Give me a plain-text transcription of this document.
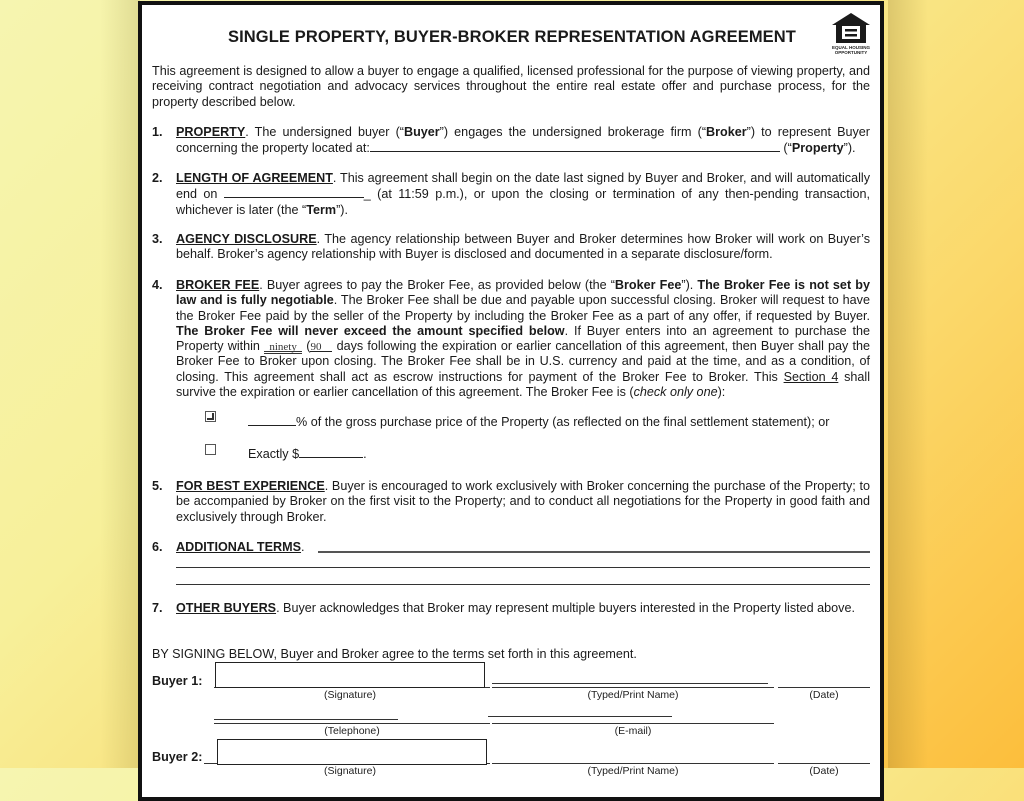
SINGLE PROPERTY, BUYER-BROKER REPRESENTATION AGREEMENT
EQUAL HOUSING
OPPORTUNITY
This agreement is designed to allow a buyer to engage a qualified, licensed professional for the purpose of viewing property, and receiving contract negotiation and advocacy services throughout the entire real estate offer and purchase process, for the property described below.
1. PROPERTY. The undersigned buyer (“Buyer”) engages the undersigned brokerage firm (“Broker”) to represent Buyer concerning the property located at:	(“Property”).
2. LENGTH OF AGREEMENT. This agreement shall begin on the date last signed by Buyer and Broker, and will automatically end on	_ (at 11:59 p.m.), or upon the closing or termination of any then-pending transaction, whichever is later (the “Term”).
3. AGENCY DISCLOSURE. The agency relationship between Buyer and Broker determines how Broker will work on Buyer’s behalf. Broker’s agency relationship with Buyer is disclosed and documented in a separate disclosure/form.
4. BROKER FEE. Buyer agrees to pay the Broker Fee, as provided below (the “Broker Fee”). The Broker Fee is not set by law and is fully negotiable. The Broker Fee shall be due and payable upon successful closing. Broker will request to have the Broker Fee paid by the seller of the Property by including the Broker Fee as a part of any offer, if requested by Buyer. The Broker Fee will never exceed the amount specified below. If Buyer enters into an agreement to purchase the Property within ninety (90 days following the expiration or earlier cancellation of this agreement, then Buyer shall pay the Broker Fee to Broker upon closing. The Broker Fee shall be in U.S. currency and paid at the time, and as a condition, of closing. This agreement shall act as escrow instructions for payment of the Broker Fee to Broker. This Section 4 shall survive the expiration or earlier cancellation of this agreement. The Broker Fee is (check only one):
% of the gross purchase price of the Property (as reflected on the final settlement statement); or
Exactly $	.
5. FOR BEST EXPERIENCE. Buyer is encouraged to work exclusively with Broker concerning the purchase of the Property; to be accompanied by Broker on the first visit to the Property; and to conduct all negotiations for the Property in good faith and exclusively through Broker.
6. ADDITIONAL TERMS.
7. OTHER BUYERS. Buyer acknowledges that Broker may represent multiple buyers interested in the Property listed above.
BY SIGNING BELOW, Buyer and Broker agree to the terms set forth in this agreement.
Buyer 1:
(Signature)	(Typed/Print Name)	(Date)
(Telephone)	(E-mail)
Buyer 2:
(Signature)	(Typed/Print Name)	(Date)
